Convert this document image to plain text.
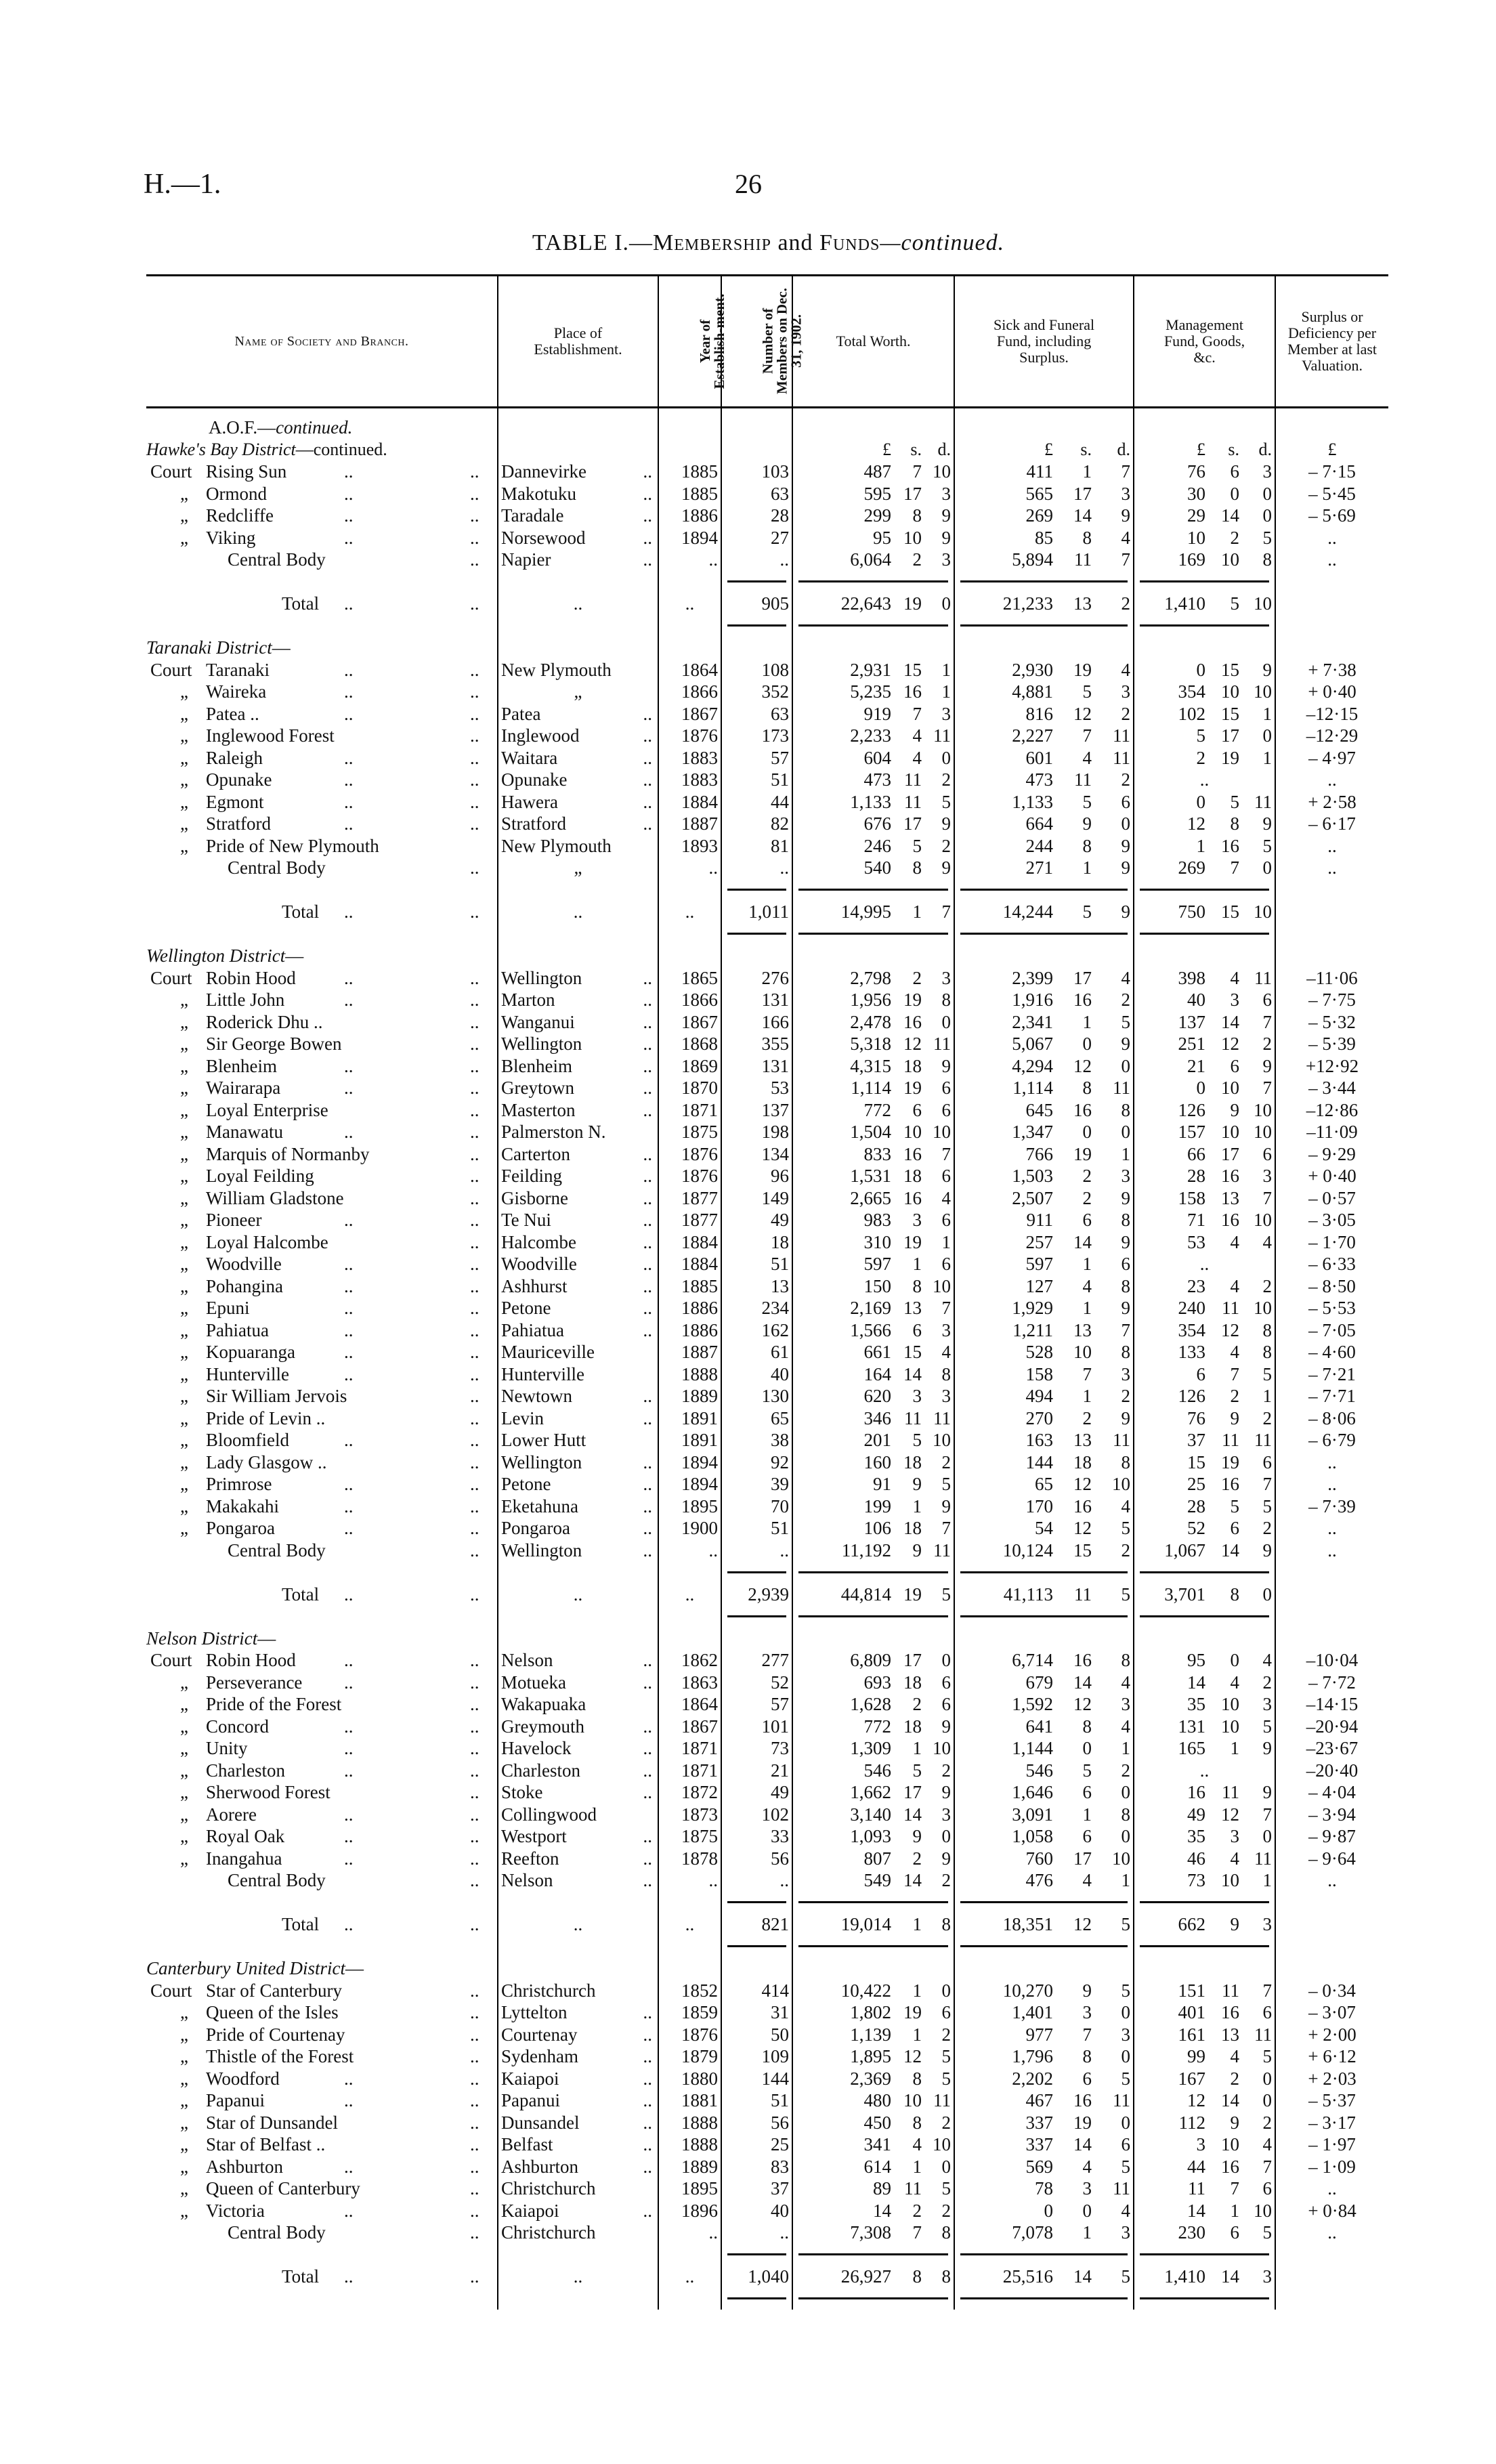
H.—1.	26
TABLE I.—Membership and Funds—continued.
Name of Society and Branch.	Place of Establishment.	Year of Establish-ment.	Number of Members on Dec. 31, 1902.	Total Worth.			Sick and Funeral Fund, including Surplus.			Management Fund, Goods, &c.			Surplus or Deficiency per Member at last Valuation.

A.O.F.—continued.													

Hawke's Bay District—continued.				£	s.	d.	£	s.	d.	£	s.	d.	£

Court Rising Sun .. ..	Dannevirke ..	1885	103	487	7	10	411	1	7	76	6	3	– 7·15

„ Ormond .. ..	Makotuku ..	1885	63	595	17	3	565	17	3	30	0	0	– 5·45

„ Redcliffe .. ..	Taradale ..	1886	28	299	8	9	269	14	9	29	14	0	– 5·69

„ Viking .. ..	Norsewood ..	1894	27	95	10	9	85	8	4	10	2	5	..

Central Body ..	Napier ..	..	..	6,064	2	3	5,894	11	7	169	10	8	..

Total .. ..	..	..	905	22,643	19	0	21,233	13	2	1,410	5	10	

Taranaki District—													

Court Taranaki .. ..	New Plymouth	1864	108	2,931	15	1	2,930	19	4	0	15	9	+ 7·38

„ Waireka .. ..	„	1866	352	5,235	16	1	4,881	5	3	354	10	10	+ 0·40

„ Patea .. .. ..	Patea ..	1867	63	919	7	3	816	12	2	102	15	1	–12·15

„ Inglewood Forest ..	Inglewood ..	1876	173	2,233	4	11	2,227	7	11	5	17	0	–12·29

„ Raleigh .. ..	Waitara ..	1883	57	604	4	0	601	4	11	2	19	1	– 4·97

„ Opunake .. ..	Opunake ..	1883	51	473	11	2	473	11	2	..			..

„ Egmont .. ..	Hawera ..	1884	44	1,133	11	5	1,133	5	6	0	5	11	+ 2·58

„ Stratford .. ..	Stratford ..	1887	82	676	17	9	664	9	0	12	8	9	– 6·17

„ Pride of New Plymouth	New Plymouth	1893	81	246	5	2	244	8	9	1	16	5	..

Central Body ..	„	..	..	540	8	9	271	1	9	269	7	0	..

Total .. ..	..	..	1,011	14,995	1	7	14,244	5	9	750	15	10	

Wellington District—													

Court Robin Hood .. ..	Wellington ..	1865	276	2,798	2	3	2,399	17	4	398	4	11	–11·06

„ Little John .. ..	Marton ..	1866	131	1,956	19	8	1,916	16	2	40	3	6	– 7·75

„ Roderick Dhu .. ..	Wanganui ..	1867	166	2,478	16	0	2,341	1	5	137	14	7	– 5·32

„ Sir George Bowen ..	Wellington ..	1868	355	5,318	12	11	5,067	0	9	251	12	2	– 5·39

„ Blenheim .. ..	Blenheim ..	1869	131	4,315	18	9	4,294	12	0	21	6	9	+12·92

„ Wairarapa .. ..	Greytown ..	1870	53	1,114	19	6	1,114	8	11	0	10	7	– 3·44

„ Loyal Enterprise ..	Masterton ..	1871	137	772	6	6	645	16	8	126	9	10	–12·86

„ Manawatu .. ..	Palmerston N.	1875	198	1,504	10	10	1,347	0	0	157	10	10	–11·09

„ Marquis of Normanby ..	Carterton ..	1876	134	833	16	7	766	19	1	66	17	6	– 9·29

„ Loyal Feilding ..	Feilding ..	1876	96	1,531	18	6	1,503	2	3	28	16	3	+ 0·40

„ William Gladstone ..	Gisborne ..	1877	149	2,665	16	4	2,507	2	9	158	13	7	– 0·57

„ Pioneer .. ..	Te Nui ..	1877	49	983	3	6	911	6	8	71	16	10	– 3·05

„ Loyal Halcombe ..	Halcombe ..	1884	18	310	19	1	257	14	9	53	4	4	– 1·70

„ Woodville .. ..	Woodville ..	1884	51	597	1	6	597	1	6	..			– 6·33

„ Pohangina .. ..	Ashhurst ..	1885	13	150	8	10	127	4	8	23	4	2	– 8·50

„ Epuni .. ..	Petone ..	1886	234	2,169	13	7	1,929	1	9	240	11	10	– 5·53

„ Pahiatua .. ..	Pahiatua ..	1886	162	1,566	6	3	1,211	13	7	354	12	8	– 7·05

„ Kopuaranga .. ..	Mauriceville	1887	61	661	15	4	528	10	8	133	4	8	– 4·60

„ Hunterville .. ..	Hunterville	1888	40	164	14	8	158	7	3	6	7	5	– 7·21

„ Sir William Jervois ..	Newtown ..	1889	130	620	3	3	494	1	2	126	2	1	– 7·71

„ Pride of Levin .. ..	Levin ..	1891	65	346	11	11	270	2	9	76	9	2	– 8·06

„ Bloomfield .. ..	Lower Hutt	1891	38	201	5	10	163	13	11	37	11	11	– 6·79

„ Lady Glasgow .. ..	Wellington ..	1894	92	160	18	2	144	18	8	15	19	6	..

„ Primrose .. ..	Petone ..	1894	39	91	9	5	65	12	10	25	16	7	..

„ Makakahi .. ..	Eketahuna ..	1895	70	199	1	9	170	16	4	28	5	5	– 7·39

„ Pongaroa .. ..	Pongaroa ..	1900	51	106	18	7	54	12	5	52	6	2	..

Central Body ..	Wellington ..	..	..	11,192	9	11	10,124	15	2	1,067	14	9	..

Total .. ..	..	..	2,939	44,814	19	5	41,113	11	5	3,701	8	0	

Nelson District—													

Court Robin Hood .. ..	Nelson ..	1862	277	6,809	17	0	6,714	16	8	95	0	4	–10·04

„ Perseverance .. ..	Motueka ..	1863	52	693	18	6	679	14	4	14	4	2	– 7·72

„ Pride of the Forest ..	Wakapuaka	1864	57	1,628	2	6	1,592	12	3	35	10	3	–14·15

„ Concord .. ..	Greymouth ..	1867	101	772	18	9	641	8	4	131	10	5	–20·94

„ Unity .. ..	Havelock ..	1871	73	1,309	1	10	1,144	0	1	165	1	9	–23·67

„ Charleston .. ..	Charleston ..	1871	21	546	5	2	546	5	2	..			–20·40

„ Sherwood Forest ..	Stoke ..	1872	49	1,662	17	9	1,646	6	0	16	11	9	– 4·04

„ Aorere .. ..	Collingwood	1873	102	3,140	14	3	3,091	1	8	49	12	7	– 3·94

„ Royal Oak .. ..	Westport ..	1875	33	1,093	9	0	1,058	6	0	35	3	0	– 9·87

„ Inangahua .. ..	Reefton ..	1878	56	807	2	9	760	17	10	46	4	11	– 9·64

Central Body ..	Nelson ..	..	..	549	14	2	476	4	1	73	10	1	..

Total .. ..	..	..	821	19,014	1	8	18,351	12	5	662	9	3	

Canterbury United District—													

Court Star of Canterbury ..	Christchurch	1852	414	10,422	1	0	10,270	9	5	151	11	7	– 0·34

„ Queen of the Isles ..	Lyttelton ..	1859	31	1,802	19	6	1,401	3	0	401	16	6	– 3·07

„ Pride of Courtenay ..	Courtenay ..	1876	50	1,139	1	2	977	7	3	161	13	11	+ 2·00

„ Thistle of the Forest ..	Sydenham ..	1879	109	1,895	12	5	1,796	8	0	99	4	5	+ 6·12

„ Woodford .. ..	Kaiapoi ..	1880	144	2,369	8	5	2,202	6	5	167	2	0	+ 2·03

„ Papanui .. ..	Papanui ..	1881	51	480	10	11	467	16	11	12	14	0	– 5·37

„ Star of Dunsandel ..	Dunsandel ..	1888	56	450	8	2	337	19	0	112	9	2	– 3·17

„ Star of Belfast .. ..	Belfast ..	1888	25	341	4	10	337	14	6	3	10	4	– 1·97

„ Ashburton .. ..	Ashburton ..	1889	83	614	1	0	569	4	5	44	16	7	– 1·09

„ Queen of Canterbury ..	Christchurch	1895	37	89	11	5	78	3	11	11	7	6	..

„ Victoria .. ..	Kaiapoi ..	1896	40	14	2	2	0	0	4	14	1	10	+ 0·84

Central Body ..	Christchurch	..	..	7,308	7	8	7,078	1	3	230	6	5	..

Total .. ..	..	..	1,040	26,927	8	8	25,516	14	5	1,410	14	3	
